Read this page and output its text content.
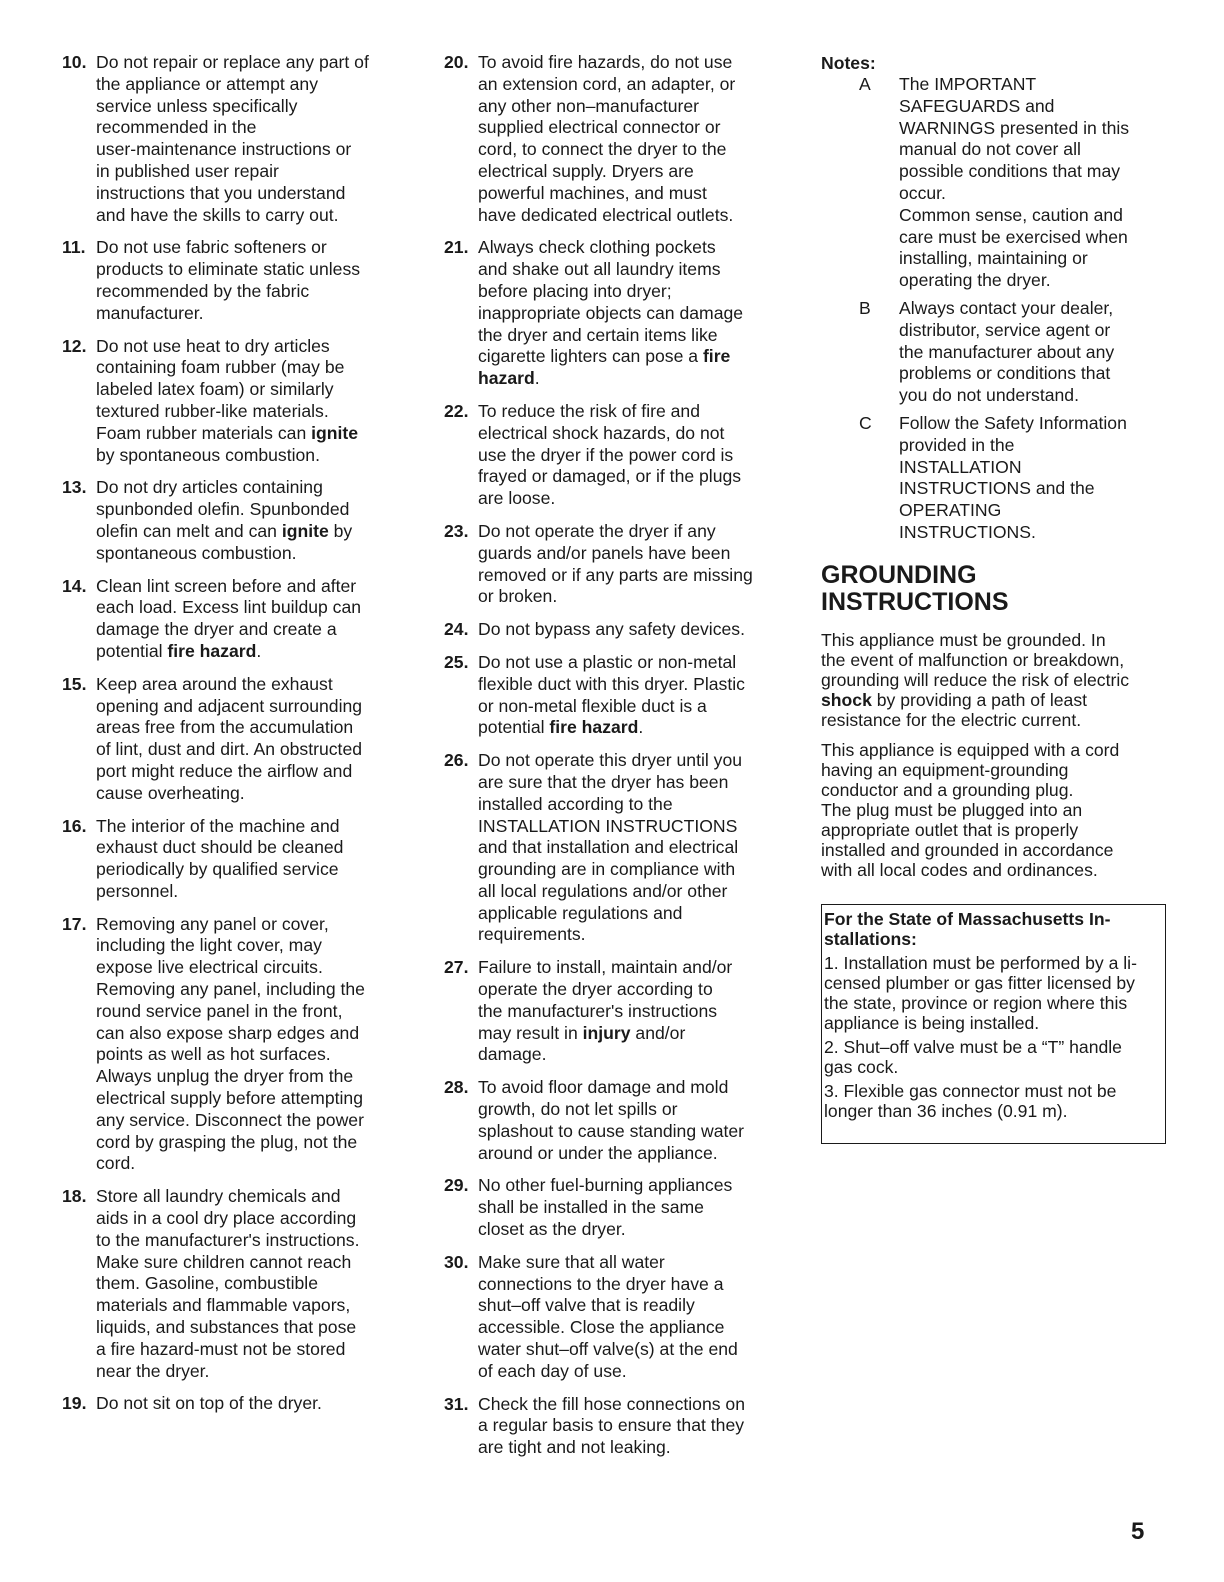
10. Do not repair or replace any part of
the appliance or attempt any
service unless specifically
recommended in the
user-maintenance instructions or
in published user repair
instructions that you understand
and have the skills to carry out.
11. Do not use fabric softeners or
products to eliminate static unless
recommended by the fabric
manufacturer.
12. Do not use heat to dry articles
containing foam rubber (may be
labeled latex foam) or similarly
textured rubber-like materials.
Foam rubber materials can ignite
by spontaneous combustion.
13. Do not dry articles containing
spunbonded olefin. Spunbonded
olefin can melt and can ignite by
spontaneous combustion.
14. Clean lint screen before and after
each load. Excess lint buildup can
damage the dryer and create a
potential fire hazard.
15. Keep area around the exhaust
opening and adjacent surrounding
areas free from the accumulation
of lint, dust and dirt. An obstructed
port might reduce the airflow and
cause overheating.
16. The interior of the machine and
exhaust duct should be cleaned
periodically by qualified service
personnel.
17. Removing any panel or cover,
including the light cover, may
expose live electrical circuits.
Removing any panel, including the
round service panel in the front,
can also expose sharp edges and
points as well as hot surfaces.
Always unplug the dryer from the
electrical supply before attempting
any service. Disconnect the power
cord by grasping the plug, not the
cord.
18. Store all laundry chemicals and
aids in a cool dry place according
to the manufacturer's instructions.
Make sure children cannot reach
them. Gasoline, combustible
materials and flammable vapors,
liquids, and substances that pose
a fire hazard-must not be stored
near the dryer.
19. Do not sit on top of the dryer.
20. To avoid fire hazards, do not use
an extension cord, an adapter, or
any other non–manufacturer
supplied electrical connector or
cord, to connect the dryer to the
electrical supply. Dryers are
powerful machines, and must
have dedicated electrical outlets.
21. Always check clothing pockets
and shake out all laundry items
before placing into dryer;
inappropriate objects can damage
the dryer and certain items like
cigarette lighters can pose a fire
hazard.
22. To reduce the risk of fire and
electrical shock hazards, do not
use the dryer if the power cord is
frayed or damaged, or if the plugs
are loose.
23. Do not operate the dryer if any
guards and/or panels have been
removed or if any parts are missing
or broken.
24. Do not bypass any safety devices.
25. Do not use a plastic or non-metal
flexible duct with this dryer. Plastic
or non-metal flexible duct is a
potential fire hazard.
26. Do not operate this dryer until you
are sure that the dryer has been
installed according to the
INSTALLATION INSTRUCTIONS
and that installation and electrical
grounding are in compliance with
all local regulations and/or other
applicable regulations and
requirements.
27. Failure to install, maintain and/or
operate the dryer according to
the manufacturer's instructions
may result in injury and/or
damage.
28. To avoid floor damage and mold
growth, do not let spills or
splashout to cause standing water
around or under the appliance.
29. No other fuel-burning appliances
shall be installed in the same
closet as the dryer.
30. Make sure that all water
connections to the dryer have a
shut–off valve that is readily
accessible. Close the appliance
water shut–off valve(s) at the end
of each day of use.
31. Check the fill hose connections on
a regular basis to ensure that they
are tight and not leaking.
Notes:
A	The IMPORTANT
SAFEGUARDS and
WARNINGS presented in this
manual do not cover all
possible conditions that may
occur.
Common sense, caution and
care must be exercised when
installing, maintaining or
operating the dryer.
B	Always contact your dealer,
distributor, service agent or
the manufacturer about any
problems or conditions that
you do not understand.
C	Follow the Safety Information
provided in the
INSTALLATION
INSTRUCTIONS and the
OPERATING
INSTRUCTIONS.
GROUNDING
INSTRUCTIONS
This appliance must be grounded. In
the event of malfunction or breakdown,
grounding will reduce the risk of electric
shock by providing a path of least
resistance for the electric current.
This appliance is equipped with a cord
having an equipment-grounding
conductor and a grounding plug.
The plug must be plugged into an
appropriate outlet that is properly
installed and grounded in accordance
with all local codes and ordinances.
For the State of Massachusetts In-
stallations:
1. Installation must be performed by a li-
censed plumber or gas fitter licensed by
the state, province or region where this
appliance is being installed.
2. Shut–off valve must be a “T” handle
gas cock.
3. Flexible gas connector must not be
longer than 36 inches (0.91 m).
5
